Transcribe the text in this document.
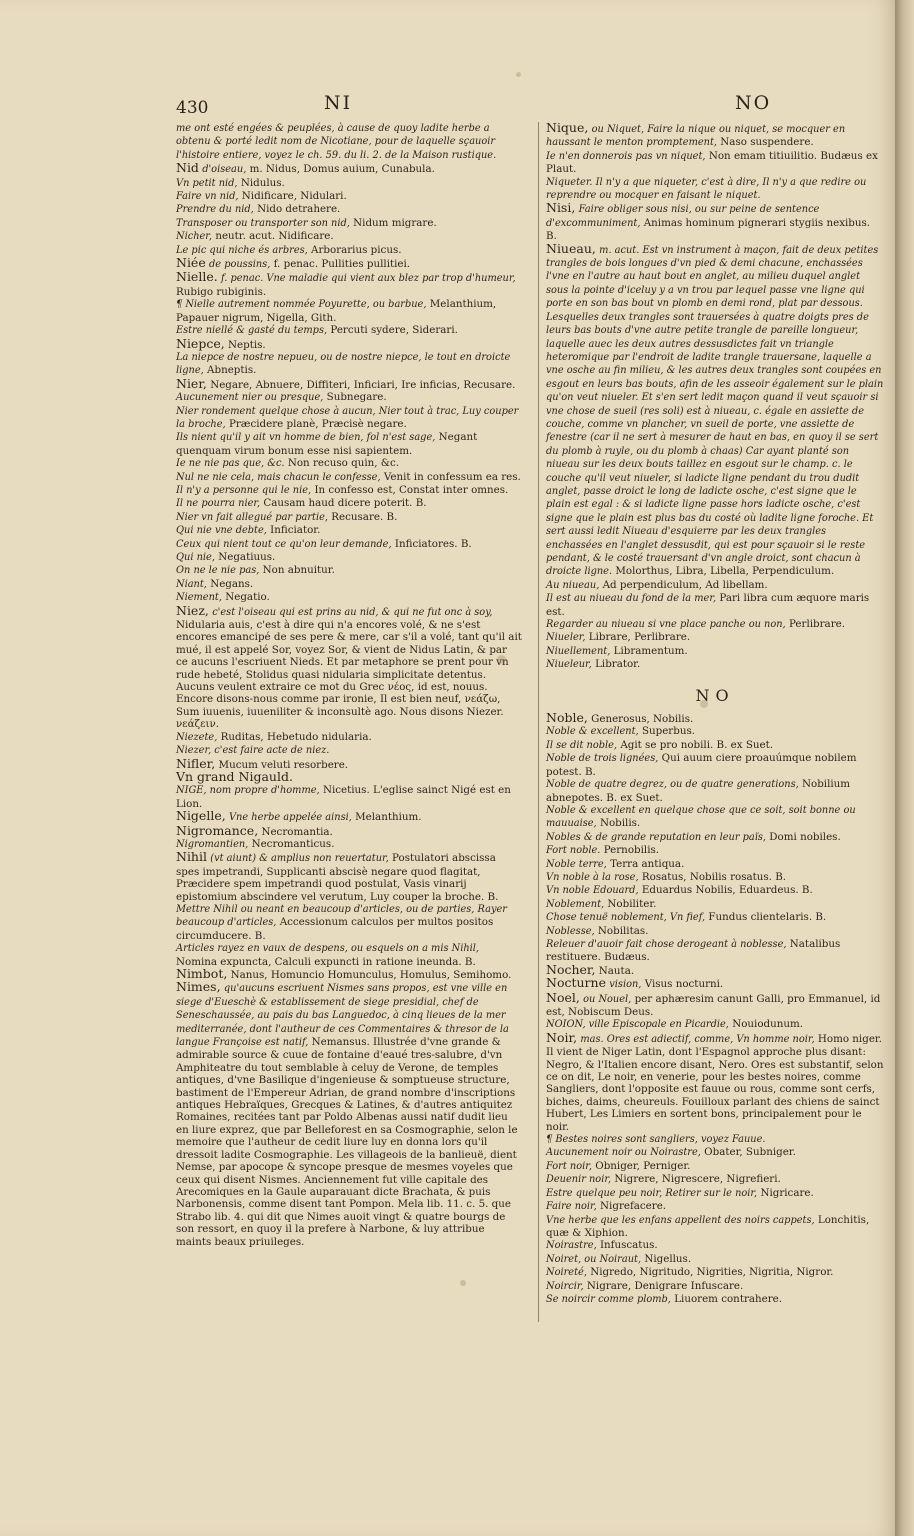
430	NI	NO

me ont esté engées & peuplées, à cause de quoy ladite herbe a obtenu & porté ledit nom de Nicotiane, pour de laquelle sçauoir l'histoire entiere, voyez le ch. 59. du li. 2. de la Maison rustique.

Nid d'oiseau, m. Nidus, Domus auium, Cunabula.

Vn petit nid, Nidulus.

Faire vn nid, Nidificare, Nidulari.

Prendre du nid, Nido detrahere.

Transposer ou transporter son nid, Nidum migrare.

Nicher, neutr. acut. Nidificare.

Le pic qui niche és arbres, Arborarius picus.

Niée de poussins, f. penac. Pullities pullitiei.

Nielle. f. penac. Vne maladie qui vient aux blez par trop d'humeur, Rubigo rubiginis.

¶ Nielle autrement nommée Poyurette, ou barbue, Melanthium, Papauer nigrum, Nigella, Gith.

Estre niellé & gasté du temps, Percuti sydere, Siderari.

Niepce, Neptis.

La niepce de nostre nepueu, ou de nostre niepce, le tout en droicte ligne, Abneptis.

Nier, Negare, Abnuere, Diffiteri, Inficiari, Ire inficias, Recusare.

Aucunement nier ou presque, Subnegare.

Nier rondement quelque chose à aucun, Nier tout à trac, Luy couper la broche, Præcidere planè, Præcisè negare.

Ils nient qu'il y ait vn homme de bien, fol n'est sage, Negant quenquam virum bonum esse nisi sapientem.

Ie ne nie pas que, &c. Non recuso quin, &c.

Nul ne nie cela, mais chacun le confesse, Venit in confessum ea res.

Il n'y a personne qui le nie, In confesso est, Constat inter omnes.

Il ne pourra nier, Causam haud dicere poterit. B.

Nier vn fait allegué par partie, Recusare. B.

Qui nie vne debte, Inficiator.

Ceux qui nient tout ce qu'on leur demande, Inficiatores. B.

Qui nie, Negatiuus.

On ne le nie pas, Non abnuitur.

Niant, Negans.

Niement, Negatio.

Niez, c'est l'oiseau qui est prins au nid, & qui ne fut onc à soy, Nidularia auis, c'est à dire qui n'a encores volé, & ne s'est encores emancipé de ses pere & mere, car s'il a volé, tant qu'il ait mué, il est appelé Sor, voyez Sor, & vient de Nidus Latin, & par ce aucuns l'escriuent Nieds. Et par metaphore se prent pour vn rude hebeté, Stolidus quasi nidularia simplicitate detentus. Aucuns veulent extraire ce mot du Grec νέος, id est, nouus. Encore disons-nous comme par ironie, Il est bien neuf, νεάζω, Sum iuuenis, iuueniliter & inconsultè ago. Nous disons Niezer. νεάζειν.

Niezete, Ruditas, Hebetudo nidularia.

Niezer, c'est faire acte de niez.

Nifler, Mucum veluti resorbere.

Vn grand Nigauld.

NIGE, nom propre d'homme, Nicetius. L'eglise sainct Nigé est en Lion.

Nigelle, Vne herbe appelée ainsi, Melanthium.

Nigromance, Necromantia.

Nigromantien, Necromanticus.

Nihil (vt aiunt) & amplius non reuertatur, Postulatori abscissa spes impetrandi, Supplicanti abscisè negare quod flagitat, Præcidere spem impetrandi quod postulat, Vasis vinarij epistomium abscindere vel verutum, Luy couper la broche. B.

Mettre Nihil ou neant en beaucoup d'articles, ou de parties, Rayer beaucoup d'articles, Accessionum calculos per multos positos circumducere. B.

Articles rayez en vaux de despens, ou esquels on a mis Nihil, Nomina expuncta, Calculi expuncti in ratione ineunda. B.

Nimbot, Nanus, Homuncio Homunculus, Homulus, Semihomo.

Nimes, qu'aucuns escriuent Nismes sans propos, est vne ville en siege d'Eueschè & establissement de siege presidial, chef de Seneschaussée, au pais du bas Languedoc, à cinq lieues de la mer mediterranée, dont l'autheur de ces Commentaires & thresor de la langue Françoise est natif, Nemansus. Illustrée d'vne grande & admirable source & cuue de fontaine d'eaué tres-salubre, d'vn Amphiteatre du tout semblable à celuy de Verone, de temples antiques, d'vne Basilique d'ingenieuse & somptueuse structure, bastiment de l'Empereur Adrian, de grand nombre d'inscriptions antiques Hebraïques, Grecques & Latines, & d'autres antiquitez Romaines, recitées tant par Poldo Albenas aussi natif dudit lieu en liure exprez, que par Belleforest en sa Cosmographie, selon le memoire que l'autheur de cedit liure luy en donna lors qu'il dressoit ladite Cosmographie. Les villageois de la banlieuë, dient Nemse, par apocope & syncope presque de mesmes voyeles que ceux qui disent Nismes. Anciennement fut ville capitale des Arecomiques en la Gaule auparauant dicte Brachata, & puis Narbonensis, comme disent tant Pompon. Mela lib. 11. c. 5. que Strabo lib. 4. qui dit que Nimes auoit vingt & quatre bourgs de son ressort, en quoy il la prefere à Narbone, & luy attribue maints beaux priuileges.

Nique, ou Niquet, Faire la nique ou niquet, se mocquer en haussant le menton promptement, Naso suspendere.

Ie n'en donnerois pas vn niquet, Non emam titiuilitio. Budæus ex Plaut.

Niqueter. Il n'y a que niqueter, c'est à dire, Il n'y a que redire ou reprendre ou mocquer en faisant le niquet.

Nisi, Faire obliger sous nisi, ou sur peine de sentence d'excommuniment, Animas hominum pignerari stygiis nexibus. B.

Niueau, m. acut. Est vn instrument à maçon, fait de deux petites trangles de bois longues d'vn pied & demi chacune, enchassées l'vne en l'autre au haut bout en anglet, au milieu duquel anglet sous la pointe d'iceluy y a vn trou par lequel passe vne ligne qui porte en son bas bout vn plomb en demi rond, plat par dessous. Lesquelles deux trangles sont trauersées à quatre doigts pres de leurs bas bouts d'vne autre petite trangle de pareille longueur, laquelle auec les deux autres dessusdictes fait vn triangle heteromique par l'endroit de ladite trangle trauersane, laquelle a vne osche au fin milieu, & les autres deux trangles sont coupées en esgout en leurs bas bouts, afin de les asseoir également sur le plain qu'on veut niueler. Et s'en sert ledit maçon quand il veut sçauoir si vne chose de sueil (res soli) est à niueau, c. égale en assiette de couche, comme vn plancher, vn sueil de porte, vne assiette de fenestre (car il ne sert à mesurer de haut en bas, en quoy il se sert du plomb à ruyle, ou du plomb à chaas) Car ayant planté son niueau sur les deux bouts taillez en esgout sur le champ. c. le couche qu'il veut niueler, si ladicte ligne pendant du trou dudit anglet, passe droict le long de ladicte osche, c'est signe que le plain est egal : & si ladicte ligne passe hors ladicte osche, c'est signe que le plain est plus bas du costé où ladite ligne foroche. Et sert aussi ledit Niueau d'esquierre par les deux trangles enchassées en l'anglet dessusdit, qui est pour sçauoir si le reste pendant, & le costé trauersant d'vn angle droict, sont chacun à droicte ligne. Molorthus, Libra, Libella, Perpendiculum.

Au niueau, Ad perpendiculum, Ad libellam.

Il est au niueau du fond de la mer, Pari libra cum æquore maris est.

Regarder au niueau si vne place panche ou non, Perlibrare.

Niueler, Librare, Perlibrare.

Niuellement, Libramentum.

Niueleur, Librator.

NO

Noble, Generosus, Nobilis.

Noble & excellent, Superbus.

Il se dit noble, Agit se pro nobili. B. ex Suet.

Noble de trois lignées, Qui auum ciere proauúmque nobilem potest. B.

Noble de quatre degrez, ou de quatre generations, Nobilium abnepotes. B. ex Suet.

Noble & excellent en quelque chose que ce soit, soit bonne ou mauuaise, Nobilis.

Nobles & de grande reputation en leur païs, Domi nobiles.

Fort noble. Pernobilis.

Noble terre, Terra antiqua.

Vn noble à la rose, Rosatus, Nobilis rosatus. B.

Vn noble Edouard, Eduardus Nobilis, Eduardeus. B.

Noblement, Nobiliter.

Chose tenuë noblement, Vn fief, Fundus clientelaris. B.

Noblesse, Nobilitas.

Releuer d'auoir fait chose derogeant à noblesse, Natalibus restituere. Budæus.

Nocher, Nauta.

Nocturne vision, Visus nocturni.

Noel, ou Nouel, per aphæresim canunt Galli, pro Emmanuel, id est, Nobiscum Deus.

NOION, ville Episcopale en Picardie, Nouiodunum.

Noir, mas. Ores est adiectif, comme, Vn homme noir, Homo niger. Il vient de Niger Latin, dont l'Espagnol approche plus disant: Negro, & l'Italien encore disant, Nero. Ores est substantif, selon ce on dit, Le noir, en venerie, pour les bestes noires, comme Sangliers, dont l'opposite est fauue ou rous, comme sont cerfs, biches, daims, cheureuls. Fouilloux parlant des chiens de sainct Hubert, Les Limiers en sortent bons, principalement pour le noir.

¶ Bestes noires sont sangliers, voyez Fauue.

Aucunement noir ou Noirastre, Obater, Subniger.

Fort noir, Obniger, Perniger.

Deuenir noir, Nigrere, Nigrescere, Nigrefieri.

Estre quelque peu noir, Retirer sur le noir, Nigricare.

Faire noir, Nigrefacere.

Vne herbe que les enfans appellent des noirs cappets, Lonchitis, quæ & Xiphion.

Noirastre, Infuscatus.

Noiret, ou Noiraut, Nigellus.

Noireté, Nigredo, Nigritudo, Nigrities, Nigritia, Nigror.

Noircir, Nigrare, Denigrare Infuscare.

Se noircir comme plomb, Liuorem contrahere.
